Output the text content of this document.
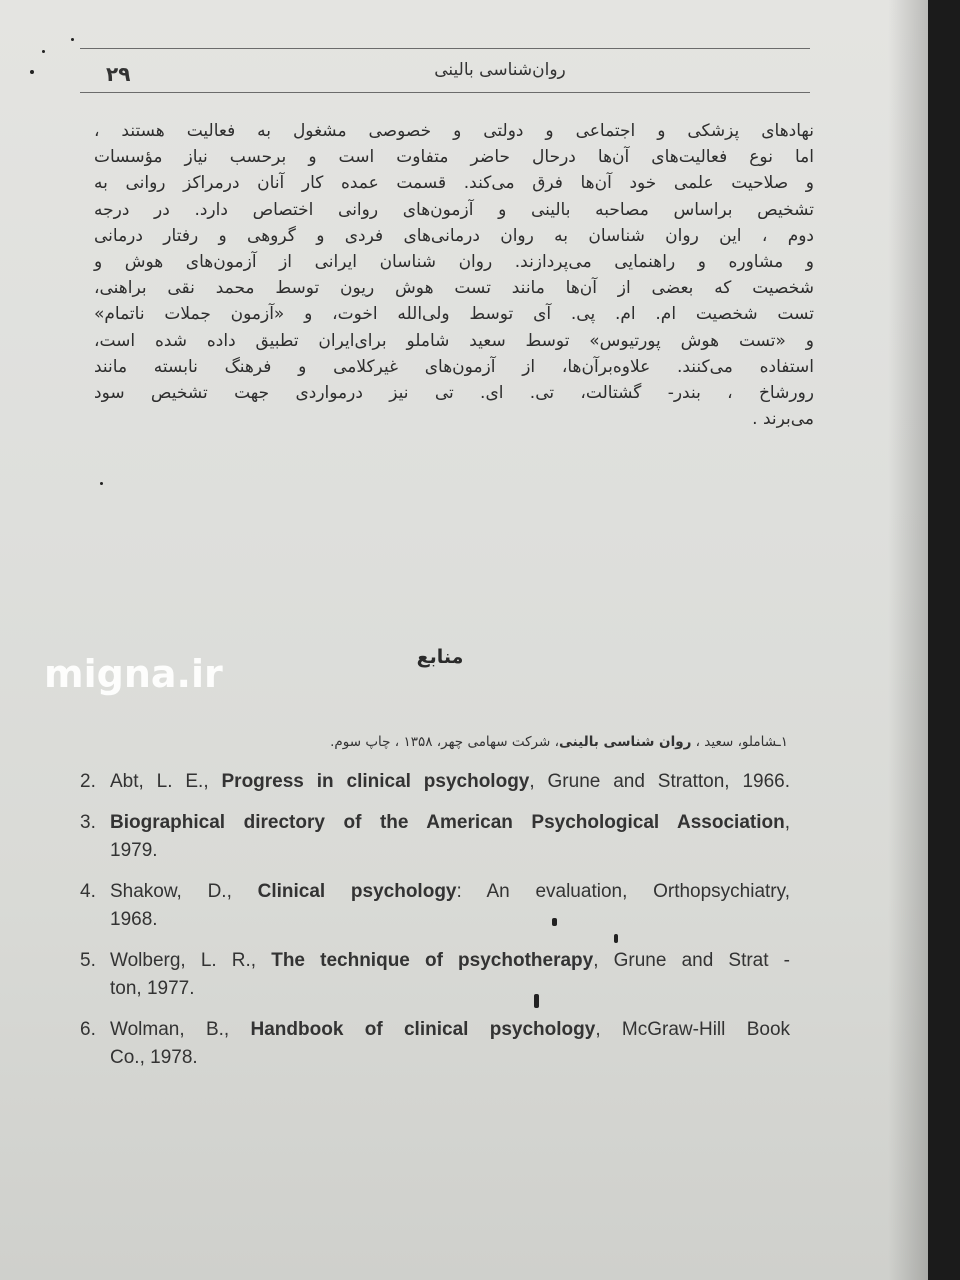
۲۹	روان‌شناسی بالینی
نهادهای پزشکی و اجتماعی و دولتی و خصوصی مشغول به فعالیت هستند ،
اما نوع فعالیت‌های آن‌ها درحال حاضر متفاوت است و برحسب نیاز مؤسسات
و صلاحیت علمی خود آن‌ها فرق می‌کند. قسمت عمده کار آنان درمراکز روانی به
تشخیص براساس مصاحبه بالینی و آزمون‌های روانی اختصاص دارد. در درجه
دوم ، این روان شناسان به روان درمانی‌های فردی و گروهی و رفتار درمانی
و مشاوره و راهنمایی می‌پردازند. روان شناسان ایرانی از آزمون‌های هوش و
شخصیت که بعضی از آن‌ها مانند تست هوش ریون توسط محمد نقی براهنی،
تست شخصیت ام. ام. پی. آی توسط ولی‌الله اخوت، و «آزمون جملات ناتمام»
و «تست هوش پورتیوس» توسط سعید شاملو برای‌ایران تطبیق داده شده است،
استفاده می‌کنند. علاوه‌برآن‌ها، از آزمون‌های غیرکلامی و فرهنگ نابسته مانند
رورشاخ ، بندر- گشتالت، تی. ای. تی نیز درمواردی جهت تشخیص سود
می‌برند .
migna.ir	منابع
۱ـشاملو، سعید ، روان شناسی بالینی، شرکت سهامی چهر، ۱۳۵۸ ، چاپ سوم.
2. Abt, L. E., Progress in clinical psychology, Grune and Stratton, 1966.
3. Biographical directory of the American Psychological Association,
1979.
4. Shakow, D., Clinical psychology: An evaluation, Orthopsychiatry,
1968.
5. Wolberg, L. R., The technique of psychotherapy, Grune and Strat -
ton, 1977.
6. Wolman, B., Handbook of clinical psychology, McGraw-Hill Book
Co., 1978.
